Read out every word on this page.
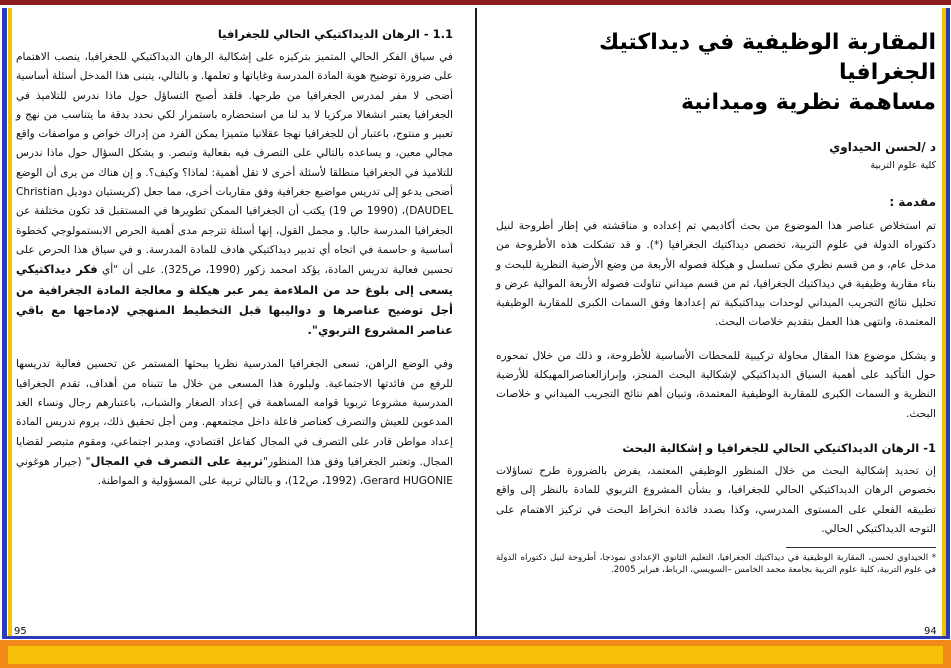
1.1 - الرهان الديداكتيكي الحالي للجغرافيا

في سياق الفكر الحالي المتميز بتركيزه على إشكالية الرهان الديداكتيكي للجغرافيا، ينصب الاهتمام على ضرورة توضيح هوية المادة المدرسة وغاياتها و تعلمها. و بالتالي، يتبنى هذا المدخل أسئلة أساسية أضحى لا مفر لمدرس الجغرافيا من طرحها. فلقد أصبح التساؤل حول ماذا ندرس للتلاميذ في الجغرافيا يعتبر انشغالا مركزيا لا بد لنا من استحضاره باستمرار لكي نحدد بدقة ما يتناسب من نهج و تعبير و منتوج، باعتبار أن للجغرافيا نهجا عقلانيا متميزا يمكن الفرد من إدراك خواص و مواصفات واقع مجالي معين، و يساعده بالتالي على التصرف فيه بفعالية وتبصر. و يشكل السؤال حول ماذا ندرس للتلاميذ في الجغرافيا منطلقا لأسئلة أخرى لا تقل أهمية: لماذا؟ وكيف؟. و إن هناك من يرى أن الوضع أضحى يدعو إلى تدريس مواضيع جغرافية وفق مقاربات أخرى، مما جعل (كريستيان دوديل Christian DAUDEL)، (1990 ص 19) يكتب أن الجغرافيا الممكن تطويرها في المستقبل قد تكون مختلفة عن الجغرافيا المدرسة حاليا. و مجمل القول، إنها أسئلة تترجم مدى أهمية الحرص الابستمولوجي كخطوة أساسية و حاسمة في اتجاه أي تدبير ديداكتيكي هادف للمادة المدرسة. و في سياق هذا الحرص على تحسين فعالية تدريس المادة، يؤكد امحمد زكور (1990، ص325). على أن "أي فكر ديداكتيكي يسعى إلى بلوغ حد من الملاءمة يمر عبر هيكلة و معالجة المادة الجغرافية من أجل توضيح عناصرها و دواليبها قبل التخطيط المنهجي لإدماجها مع باقي عناصر المشروع التربوي".

وفي الوضع الراهن، تسعى الجغرافيا المدرسية نظريا ببحثها المستمر عن تحسين فعالية تدريسها للرفع من فائدتها الاجتماعية. ولبلورة هذا المسعى من خلال ما تتبناه من أهداف، تقدم الجغرافيا المدرسية مشروعا تربويا قوامه المساهمة في إعداد الصغار والشباب، باعتبارهم رجال ونساء الغد المدعوين للعيش والتصرف كعناصر فاعلة داخل مجتمعهم. ومن أجل تحقيق ذلك، يروم تدريس المادة إعداد مواطن قادر على التصرف في المجال كفاعل اقتصادي، ومدبر اجتماعي، ومقوم متبصر لقضايا المجال. وتعتبر الجغرافيا وفق هذا المنظور"تربية على التصرف في المجال" (جيرار هوغوني Gerard HUGONIE، (1992، ص12)، و بالتالي تربية على المسؤولية و المواطنة.

95
المقاربة الوظيفية في ديداكتيك الجغرافيا
مساهمة نظرية وميدانية
د /لحسن الحيداوي
كلية علوم التربية
مقدمة :

تم استخلاص عناصر هذا الموضوع من بحث أكاديمي تم إعداده و مناقشته في إطار أطروحة لنيل دكتوراه الدولة في علوم التربية، تخصص ديداكتيك الجغرافيا (*). و قد تشكلت هذه الأطروحة من مدخل عام، و من قسم نظري مكن تسلسل و هيكلة فصوله الأربعة من وضع الأرضية النظرية للبحث و بناء مقاربة وظيفية في ديداكتيك الجغرافيا، ثم من قسم ميداني تناولت فصوله الأربعة الموالية عرض و تحليل نتائج التجريب الميداني لوحدات بيداكتيكية تم إعدادها وفق السمات الكبرى للمقاربة الوظيفية المعتمدة، وانتهى هذا العمل بتقديم خلاصات البحث.

و يشكل موضوع هذا المقال محاولة تركيبية للمحطات الأساسية للأطروحة، و ذلك من خلال تمحوره حول التأكيد على أهمية السياق الديداكتيكي لإشكالية البحث المنجز، وإبرازالعناصرالمهيكلة للأرضية النظرية و السمات الكبرى للمقاربة الوظيفية المعتمدة، وتبيان أهم نتائج التجريب الميداني و خلاصات البحث.

1- الرهان الديداكتيكي الحالي للجغرافيا و إشكالية البحث

إن تحديد إشكالية البحث من خلال المنظور الوظيفي المعتمد، يفرض بالضرورة طرح تساؤلات بخصوص الرهان الديداكتيكي الحالي للجغرافيا، و بشأن المشروع التربوي للمادة بالنظر إلى واقع تطبيقه الفعلي على المستوى المدرسي، وكذا بصدد فائدة انخراط البحث في تركيز الاهتمام على التوجه الديداكتيكي الحالي.

* الحيداوي لحسن، المقاربة الوظيفية في ديداكتيك الجغرافيا، التعليم الثانوي الإعدادي نموذجا، أطروحة لنيل دكتوراه الدولة في علوم التربية، كلية علوم التربية بجامعة محمد الخامس –السويسي، الرباط، فبراير 2005.

94
